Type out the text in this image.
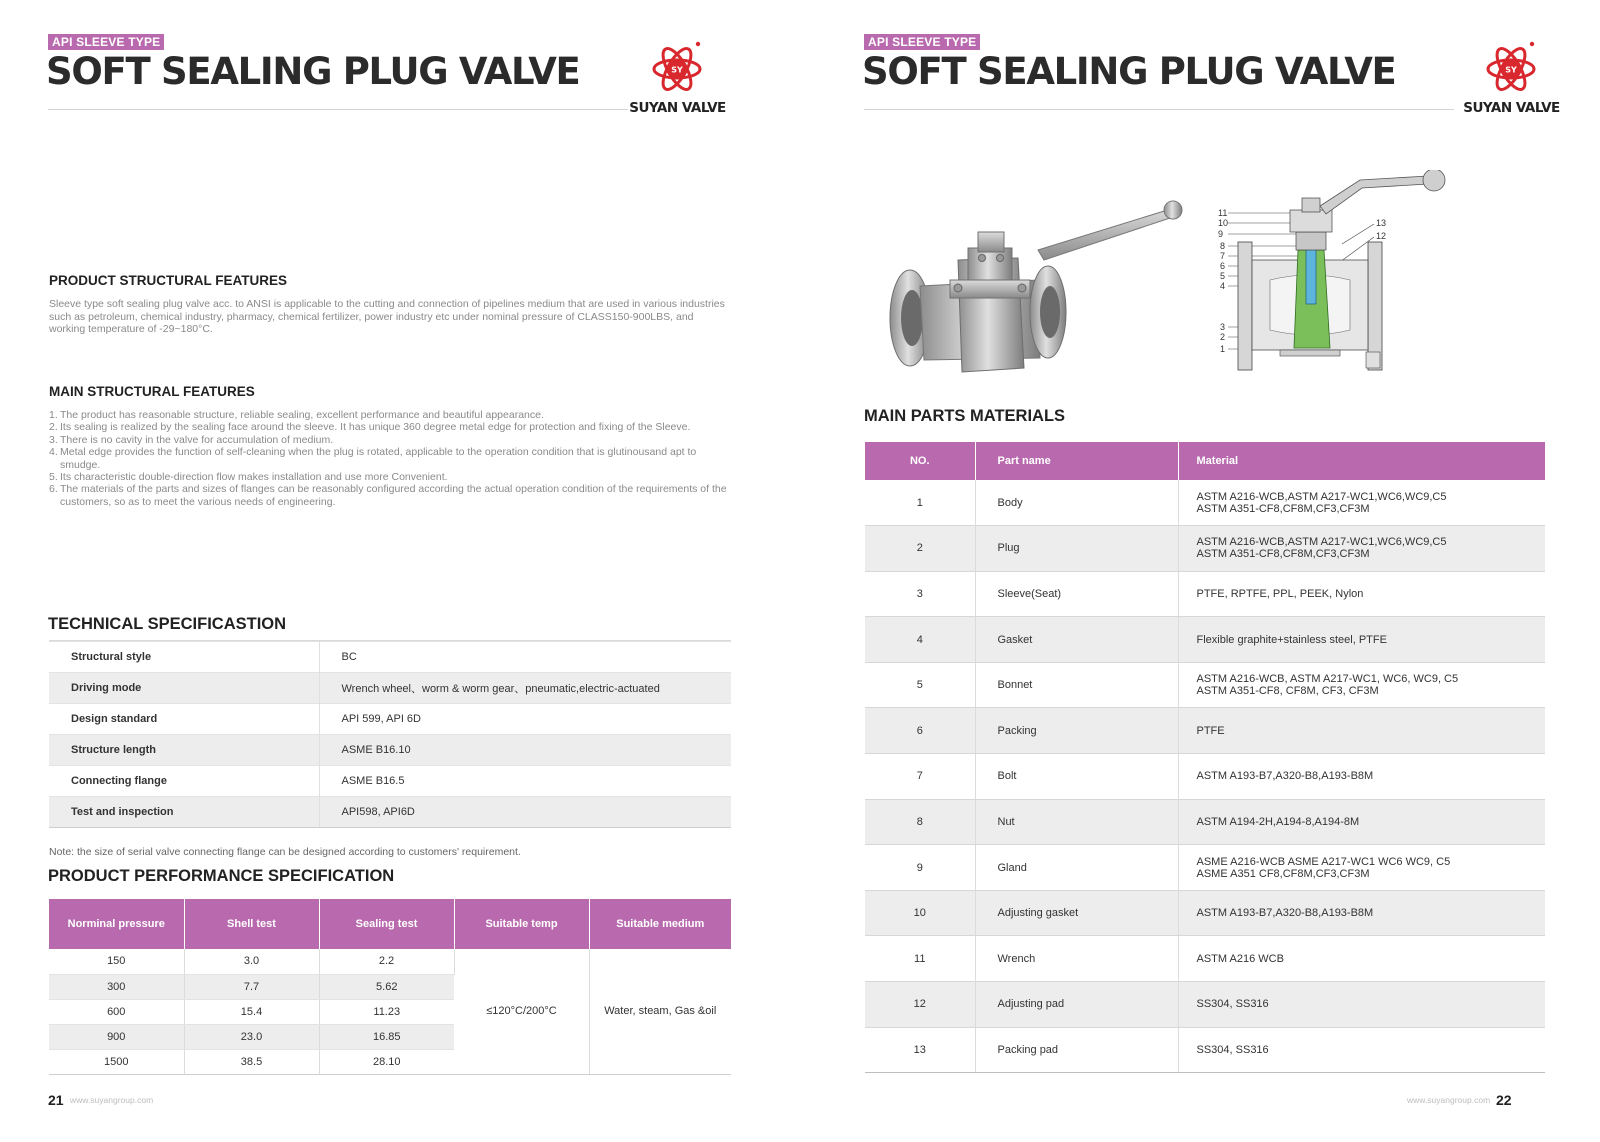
API SLEEVE TYPE
SOFT SEALING PLUG VALVE	SY
SUYAN VALVE
PRODUCT STRUCTURAL FEATURES
Sleeve type soft sealing plug valve acc. to ANSI is applicable to the cutting and connection of pipelines medium that are used in various industries such as petroleum, chemical industry, pharmacy, chemical fertilizer, power industry etc under nominal pressure of CLASS150-900LBS, and working temperature of -29~180°C.
MAIN STRUCTURAL FEATURES
1. The product has reasonable structure, reliable sealing, excellent performance and beautiful appearance.
2. Its sealing is realized by the sealing face around the sleeve. It has unique 360 degree metal edge for protection and fixing of the Sleeve.
3. There is no cavity in the valve for accumulation of medium.
4. Metal edge provides the function of self-cleaning when the plug is rotated, applicable to the operation condition that is glutinousand apt to smudge.
5. Its characteristic double-direction flow makes installation and use more Convenient.
6. The materials of the parts and sizes of flanges can be reasonably configured according the actual operation condition of the requirements of the customers, so as to meet the various needs of engineering.
TECHNICAL SPECIFICASTION
Structural style	BC
Driving mode	Wrench wheel、worm & worm gear、pneumatic,electric-actuated
Design standard	API 599, API 6D
Structure length	ASME B16.10
Connecting flange	ASME B16.5
Test and inspection	API598, API6D
Note: the size of serial valve connecting flange can be designed according to customers' requirement.
PRODUCT PERFORMANCE SPECIFICATION
Norminal pressure	Shell test	Sealing test	Suitable temp	Suitable medium
150	3.0	2.2	≤120°C/200°C	Water, steam, Gas &oil
300	7.7	5.62		
600	15.4	11.23		
900	23.0	16.85		
1500	38.5	28.10		
21 www.suyangroup.com
API SLEEVE TYPE
SOFT SEALING PLUG VALVE	SY
SUYAN VALVE
11
10
9
8
7
6
5
4
3
2
1
13
12
MAIN PARTS MATERIALS
NO.	Part name	Material
1	Body	ASTM A216-WCB,ASTM A217-WC1,WC6,WC9,C5
ASTM A351-CF8,CF8M,CF3,CF3M

2	Plug	ASTM A216-WCB,ASTM A217-WC1,WC6,WC9,C5
ASTM A351-CF8,CF8M,CF3,CF3M

3	Sleeve(Seat)	PTFE, RPTFE, PPL, PEEK, Nylon

4	Gasket	Flexible graphite+stainless steel, PTFE

5	Bonnet	ASTM A216-WCB, ASTM A217-WC1, WC6, WC9, C5
ASTM A351-CF8, CF8M, CF3, CF3M

6	Packing	PTFE

7	Bolt	ASTM A193-B7,A320-B8,A193-B8M

8	Nut	ASTM A194-2H,A194-8,A194-8M

9	Gland	ASME A216-WCB ASME A217-WC1 WC6 WC9, C5
ASME A351 CF8,CF8M,CF3,CF3M

10	Adjusting gasket	ASTM A193-B7,A320-B8,A193-B8M

11	Wrench	ASTM A216 WCB

12	Adjusting pad	SS304, SS316

13	Packing pad	SS304, SS316
www.suyangroup.com 22
